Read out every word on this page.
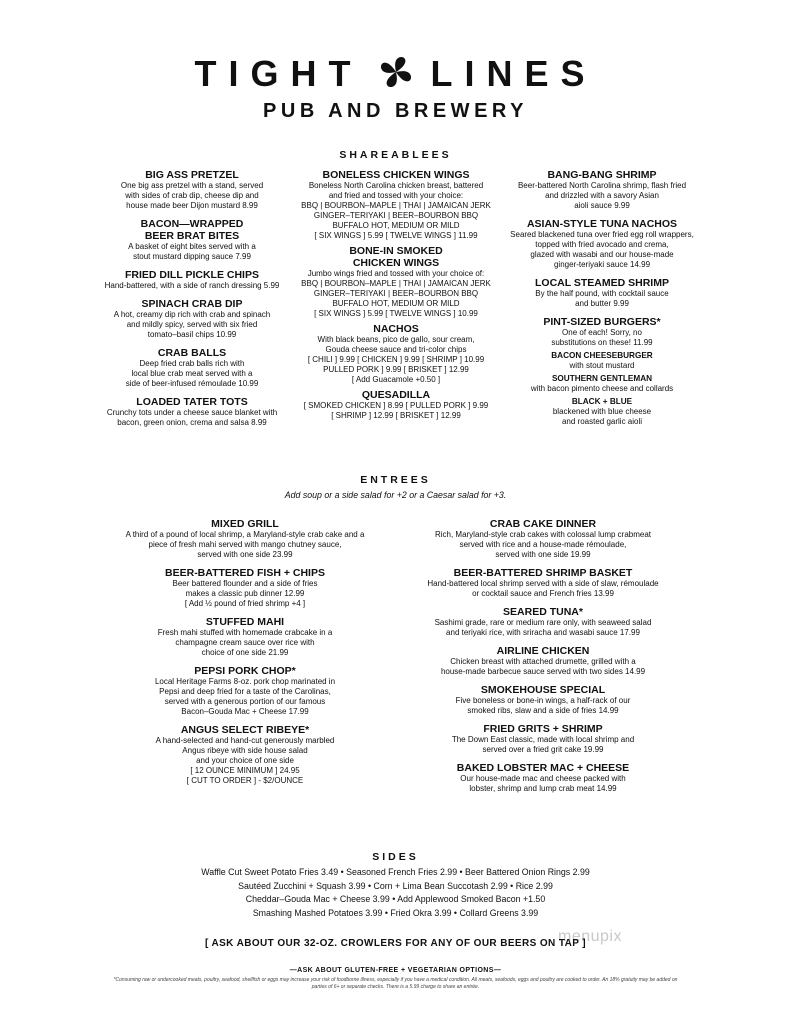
TIGHT LINES
PUB AND BREWERY
SHAREABLEES
BIG ASS PRETZEL
One big ass pretzel with a stand, served
with sides of crab dip, cheese dip and
house made beer Dijon mustard 8.99
BACON—WRAPPED
BEER BRAT BITES
A basket of eight bites served with a
stout mustard dipping sauce 7.99
FRIED DILL PICKLE CHIPS
Hand-battered, with a side of ranch dressing 5.99
SPINACH CRAB DIP
A hot, creamy dip rich with crab and spinach
and mildly spicy, served with six fried
tomato–basil chips 10.99
CRAB BALLS
Deep fried crab balls rich with
local blue crab meat served with a
side of beer-infused rémoulade 10.99
LOADED TATER TOTS
Crunchy tots under a cheese sauce blanket with
bacon, green onion, crema and salsa 8.99
BONELESS CHICKEN WINGS
Boneless North Carolina chicken breast, battered
and fried and tossed with your choice:
BBQ | BOURBON–MAPLE | THAI | JAMAICAN JERK
GINGER–TERIYAKI | BEER–BOURBON BBQ
BUFFALO HOT, MEDIUM OR MILD
[ SIX WINGS ] 5.99 [ TWELVE WINGS ] 11.99
BONE-IN SMOKED
CHICKEN WINGS
Jumbo wings fried and tossed with your choice of:
BBQ | BOURBON–MAPLE | THAI | JAMAICAN JERK
GINGER–TERIYAKI | BEER–BOURBON BBQ
BUFFALO HOT, MEDIUM OR MILD
[ SIX WINGS ] 5.99 [ TWELVE WINGS ] 10.99
NACHOS
With black beans, pico de gallo, sour cream,
Gouda cheese sauce and tri-color chips
[ CHILI ] 9.99 [ CHICKEN ] 9.99 [ SHRIMP ] 10.99
PULLED PORK ] 9.99 [ BRISKET ] 12.99
[ Add Guacamole +0.50 ]
QUESADILLA
[ SMOKED CHICKEN ] 8.99 [ PULLED PORK ] 9.99
[ SHRIMP ] 12.99 [ BRISKET ] 12.99
BANG-BANG SHRIMP
Beer-battered North Carolina shrimp, flash fried
and drizzled with a savory Asian
aioli sauce 9.99
ASIAN-STYLE TUNA NACHOS
Seared blackened tuna over fried egg roll wrappers,
topped with fried avocado and crema,
glazed with wasabi and our house-made
ginger-teriyaki sauce 14.99
LOCAL STEAMED SHRIMP
By the half pound, with cocktail sauce
and butter 9.99
PINT-SIZED BURGERS*
One of each! Sorry, no
substitutions on these! 11.99
BACON CHEESEBURGER
with stout mustard
SOUTHERN GENTLEMAN
with bacon pimento cheese and collards
BLACK + BLUE
blackened with blue cheese
and roasted garlic aioli
ENTREES
Add soup or a side salad for +2 or a Caesar salad for +3.
MIXED GRILL
A third of a pound of local shrimp, a Maryland-style crab cake and a
piece of fresh mahi served with mango chutney sauce,
served with one side 23.99
BEER-BATTERED FISH + CHIPS
Beer battered flounder and a side of fries
makes a classic pub dinner 12.99
[ Add ½ pound of fried shrimp +4 ]
STUFFED MAHI
Fresh mahi stuffed with homemade crabcake in a
champagne cream sauce over rice with
choice of one side 21.99
PEPSI PORK CHOP*
Local Heritage Farms 8-oz. pork chop marinated in
Pepsi and deep fried for a taste of the Carolinas,
served with a generous portion of our famous
Bacon–Gouda Mac + Cheese 17.99
ANGUS SELECT RIBEYE*
A hand-selected and hand-cut generously marbled
Angus ribeye with side house salad
and your choice of one side
[ 12 OUNCE MINIMUM ] 24.95
[ CUT TO ORDER ] - $2/OUNCE
CRAB CAKE DINNER
Rich, Maryland-style crab cakes with colossal lump crabmeat
served with rice and a house-made rémoulade,
served with one side 19.99
BEER-BATTERED SHRIMP BASKET
Hand-battered local shrimp served with a side of slaw, rémoulade
or cocktail sauce and French fries 13.99
SEARED TUNA*
Sashimi grade, rare or medium rare only, with seaweed salad
and teriyaki rice, with sriracha and wasabi sauce 17.99
AIRLINE CHICKEN
Chicken breast with attached drumette, grilled with a
house-made barbecue sauce served with two sides 14.99
SMOKEHOUSE SPECIAL
Five boneless or bone-in wings, a half-rack of our
smoked ribs, slaw and a side of fries 14.99
FRIED GRITS + SHRIMP
The Down East classic, made with local shrimp and
served over a fried grit cake 19.99
BAKED LOBSTER MAC + CHEESE
Our house-made mac and cheese packed with
lobster, shrimp and lump crab meat 14.99
SIDES
Waffle Cut Sweet Potato Fries 3.49 • Seasoned French Fries 2.99 • Beer Battered Onion Rings 2.99
Sautéed Zucchini + Squash 3.99 • Corn + Lima Bean Succotash 2.99 • Rice 2.99
Cheddar–Gouda Mac + Cheese 3.99 • Add Applewood Smoked Bacon +1.50
Smashing Mashed Potatoes 3.99 • Fried Okra 3.99 • Collard Greens 3.99
menupix
[ ASK ABOUT OUR 32-OZ. CROWLERS FOR ANY OF OUR BEERS ON TAP ]
—ASK ABOUT GLUTEN-FREE + VEGETARIAN OPTIONS—
*Consuming raw or undercooked meats, poultry, seafood, shellfish or eggs may increase your risk of foodborne illness, especially if you have a medical condition. All meats, seafoods, eggs and poultry are cooked to order. An 18% gratuity may be added on parties of 6+ or separate checks. There is a 5.99 charge to share an entrée.
